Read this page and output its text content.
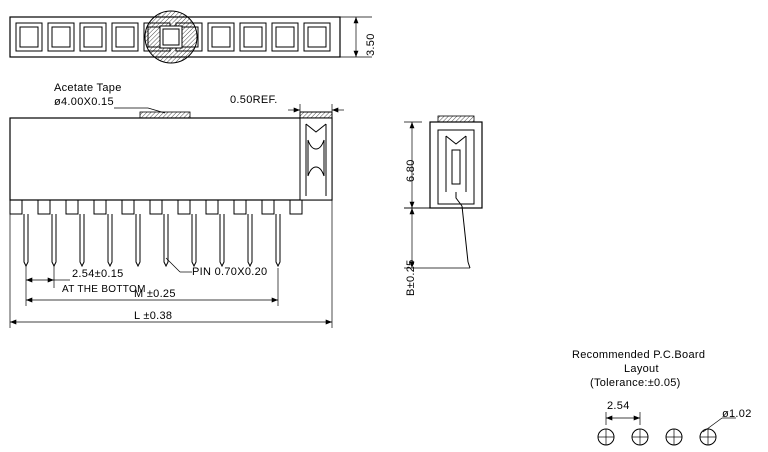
3.50
Acetate Tape
ø4.00X0.15	0.50REF.
2.54±0.15
AT THE BOTTOM
PIN 0.70X0.20
M ±0.25
L ±0.38
6.80
B±0.25
Recommended P.C.Board
Layout
(Tolerance:±0.05)
2.54
ø1.02
